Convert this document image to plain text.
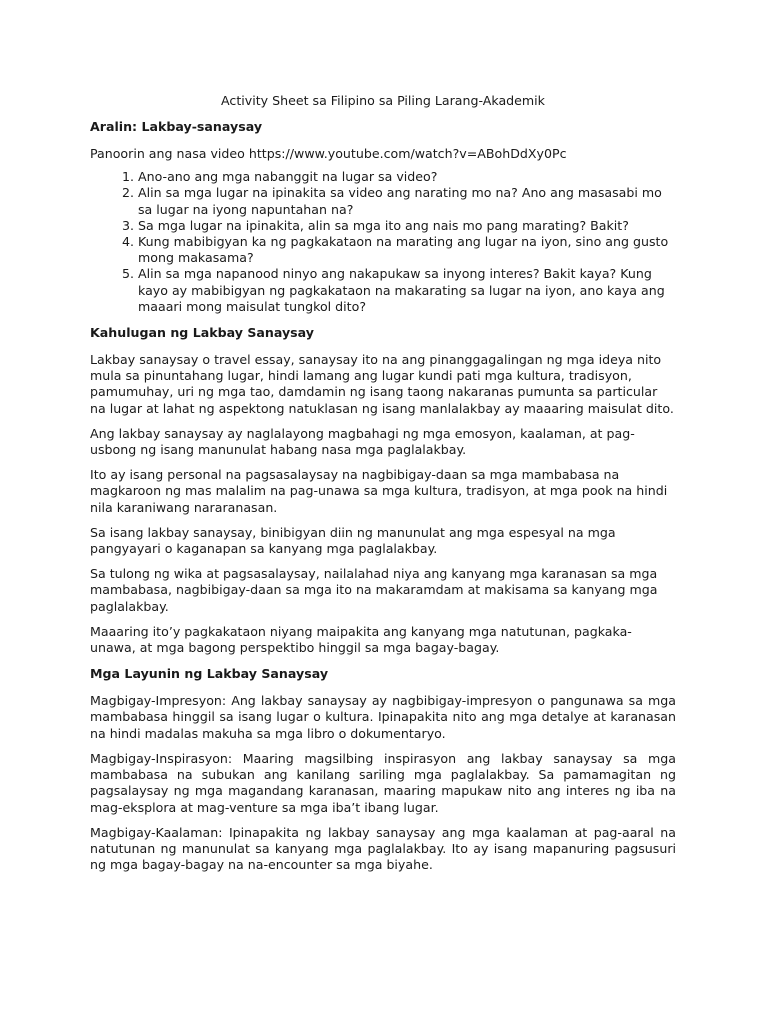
Activity Sheet sa Filipino sa Piling Larang-Akademik
Aralin: Lakbay-sanaysay

Panoorin ang nasa video https://www.youtube.com/watch?v=ABohDdXy0Pc

1. Ano-ano ang mga nabanggit na lugar sa video?
2. Alin sa mga lugar na ipinakita sa video ang narating mo na? Ano ang masasabi mo sa lugar na iyong napuntahan na?
3. Sa mga lugar na ipinakita, alin sa mga ito ang nais mo pang marating? Bakit?
4. Kung mabibigyan ka ng pagkakataon na marating ang lugar na iyon, sino ang gusto mong makasama?
5. Alin sa mga napanood ninyo ang nakapukaw sa inyong interes? Bakit kaya? Kung kayo ay mabibigyan ng pagkakataon na makarating sa lugar na iyon, ano kaya ang maaari mong maisulat tungkol dito?
Kahulugan ng Lakbay Sanaysay

Lakbay sanaysay o travel essay, sanaysay ito na ang pinanggagalingan ng mga ideya nito mula sa pinuntahang lugar, hindi lamang ang lugar kundi pati mga kultura, tradisyon, pamumuhay, uri ng mga tao, damdamin ng isang taong nakaranas pumunta sa particular na lugar at lahat ng aspektong natuklasan ng isang manlalakbay ay maaaring maisulat dito.

Ang lakbay sanaysay ay naglalayong magbahagi ng mga emosyon, kaalaman, at pag-usbong ng isang manunulat habang nasa mga paglalakbay.

Ito ay isang personal na pagsasalaysay na nagbibigay-daan sa mga mambabasa na magkaroon ng mas malalim na pag-unawa sa mga kultura, tradisyon, at mga pook na hindi nila karaniwang nararanasan.

Sa isang lakbay sanaysay, binibigyan diin ng manunulat ang mga espesyal na mga pangyayari o kaganapan sa kanyang mga paglalakbay.

Sa tulong ng wika at pagsasalaysay, nailalahad niya ang kanyang mga karanasan sa mga mambabasa, nagbibigay-daan sa mga ito na makaramdam at makisama sa kanyang mga paglalakbay.

Maaaring ito’y pagkakataon niyang maipakita ang kanyang mga natutunan, pagkaka-unawa, at mga bagong perspektibo hinggil sa mga bagay-bagay.

Mga Layunin ng Lakbay Sanaysay

Magbigay-Impresyon: Ang lakbay sanaysay ay nagbibigay-impresyon o pangunawa sa mga mambabasa hinggil sa isang lugar o kultura. Ipinapakita nito ang mga detalye at karanasan na hindi madalas makuha sa mga libro o dokumentaryo.

Magbigay-Inspirasyon: Maaring magsilbing inspirasyon ang lakbay sanaysay sa mga mambabasa na subukan ang kanilang sariling mga paglalakbay. Sa pamamagitan ng pagsalaysay ng mga magandang karanasan, maaring mapukaw nito ang interes ng iba na mag-eksplora at mag-venture sa mga iba’t ibang lugar.

Magbigay-Kaalaman: Ipinapakita ng lakbay sanaysay ang mga kaalaman at pag-aaral na natutunan ng manunulat sa kanyang mga paglalakbay. Ito ay isang mapanuring pagsusuri ng mga bagay-bagay na na-encounter sa mga biyahe.
